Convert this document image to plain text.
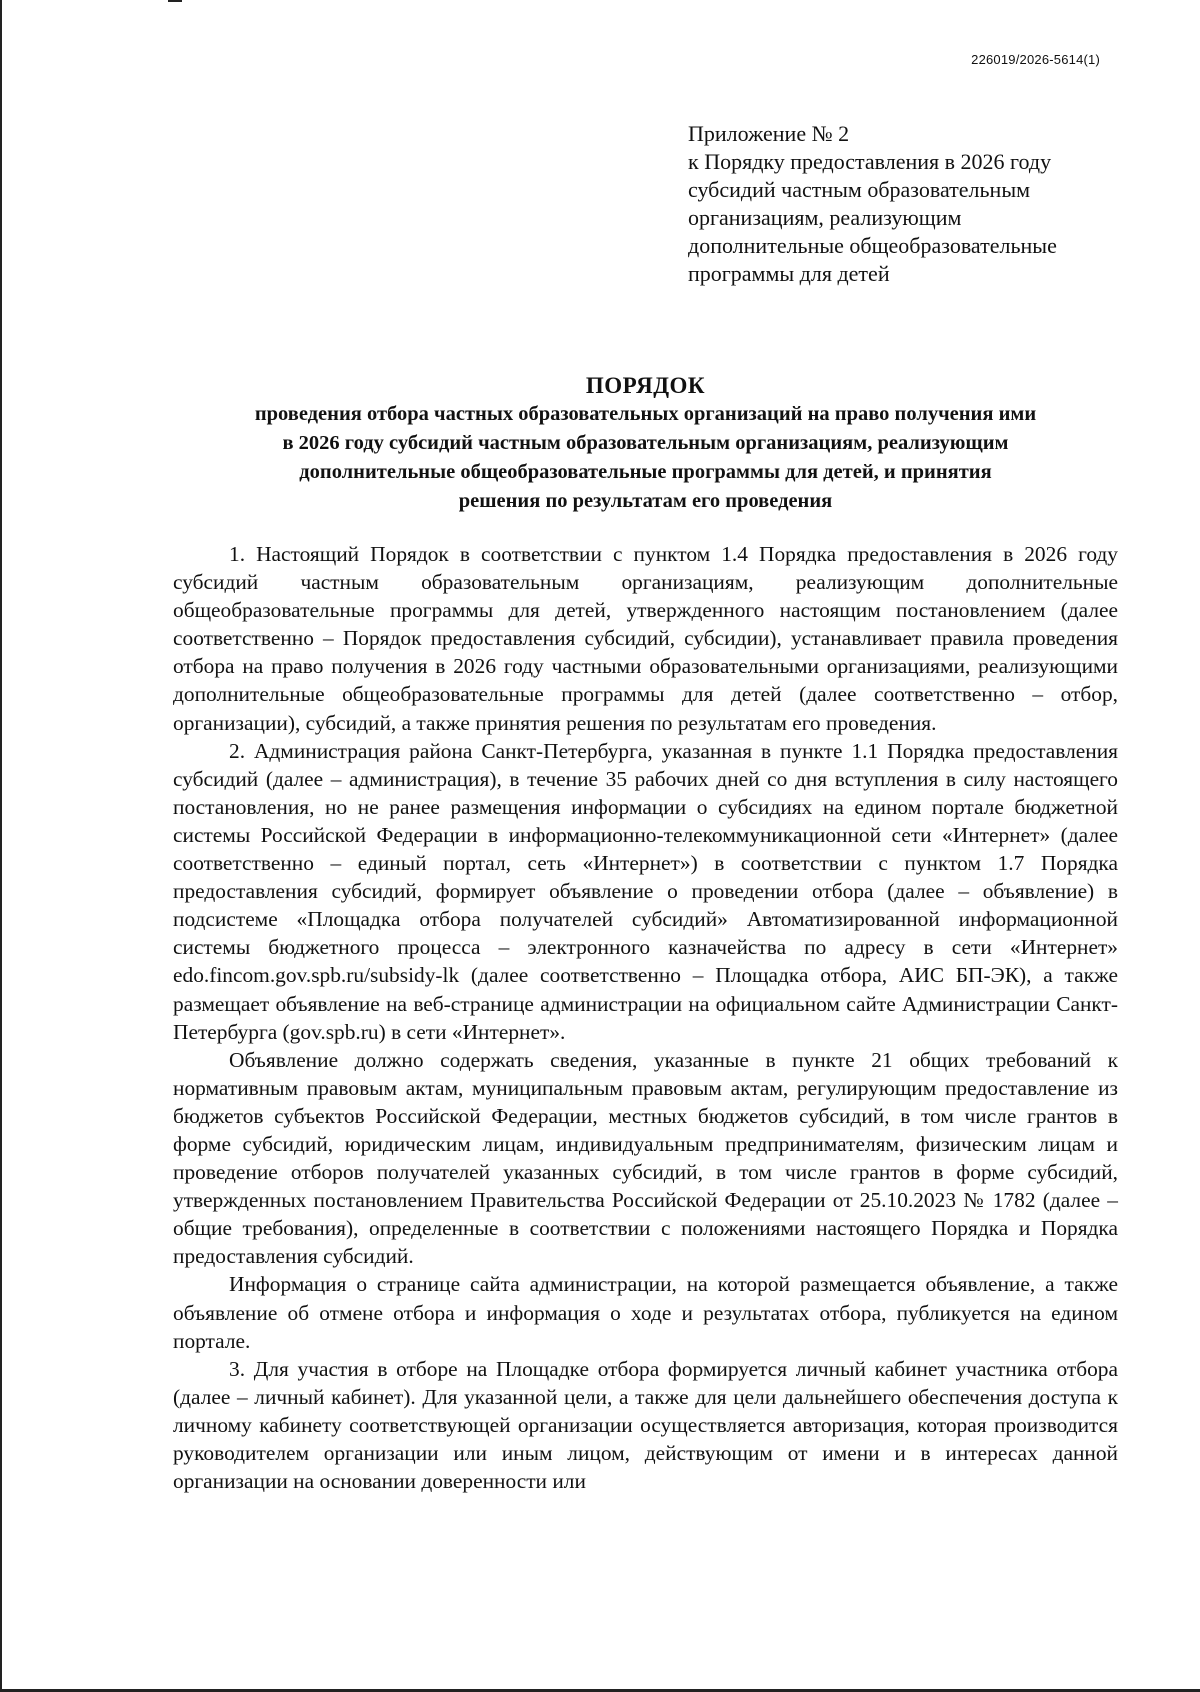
226019/2026-5614(1)
Приложение № 2
к Порядку предоставления в 2026 году
субсидий частным образовательным
организациям, реализующим
дополнительные общеобразовательные
программы для детей
ПОРЯДОК
проведения отбора частных образовательных организаций на право получения ими
в 2026 году субсидий частным образовательным организациям, реализующим
дополнительные общеобразовательные программы для детей, и принятия
решения по результатам его проведения

1. Настоящий Порядок в соответствии с пунктом 1.4 Порядка предоставления в 2026 году субсидий частным образовательным организациям, реализующим дополнительные общеобразовательные программы для детей, утвержденного настоящим постановлением (далее соответственно – Порядок предоставления субсидий, субсидии), устанавливает правила проведения отбора на право получения в 2026 году частными образовательными организациями, реализующими дополнительные общеобразовательные программы для детей (далее соответственно – отбор, организации), субсидий, а также принятия решения по результатам его проведения.

2. Администрация района Санкт-Петербурга, указанная в пункте 1.1 Порядка предоставления субсидий (далее – администрация), в течение 35 рабочих дней со дня вступления в силу настоящего постановления, но не ранее размещения информации о субсидиях на едином портале бюджетной системы Российской Федерации в информационно-телекоммуникационной сети «Интернет» (далее соответственно – единый портал, сеть «Интернет») в соответствии с пунктом 1.7 Порядка предоставления субсидий, формирует объявление о проведении отбора (далее – объявление) в подсистеме «Площадка отбора получателей субсидий» Автоматизированной информационной системы бюджетного процесса – электронного казначейства по адресу в сети «Интернет» edo.fincom.gov.spb.ru/subsidy-lk (далее соответственно – Площадка отбора, АИС БП-ЭК), а также размещает объявление на веб-странице администрации на официальном сайте Администрации Санкт-Петербурга (gov.spb.ru) в сети «Интернет».

Объявление должно содержать сведения, указанные в пункте 21 общих требований к нормативным правовым актам, муниципальным правовым актам, регулирующим предоставление из бюджетов субъектов Российской Федерации, местных бюджетов субсидий, в том числе грантов в форме субсидий, юридическим лицам, индивидуальным предпринимателям, физическим лицам и проведение отборов получателей указанных субсидий, в том числе грантов в форме субсидий, утвержденных постановлением Правительства Российской Федерации от 25.10.2023 № 1782 (далее – общие требования), определенные в соответствии с положениями настоящего Порядка и Порядка предоставления субсидий.

Информация о странице сайта администрации, на которой размещается объявление, а также объявление об отмене отбора и информация о ходе и результатах отбора, публикуется на едином портале.

3. Для участия в отборе на Площадке отбора формируется личный кабинет участника отбора (далее – личный кабинет). Для указанной цели, а также для цели дальнейшего обеспечения доступа к личному кабинету соответствующей организации осуществляется авторизация, которая производится руководителем организации или иным лицом, действующим от имени и в интересах данной организации на основании доверенности или
